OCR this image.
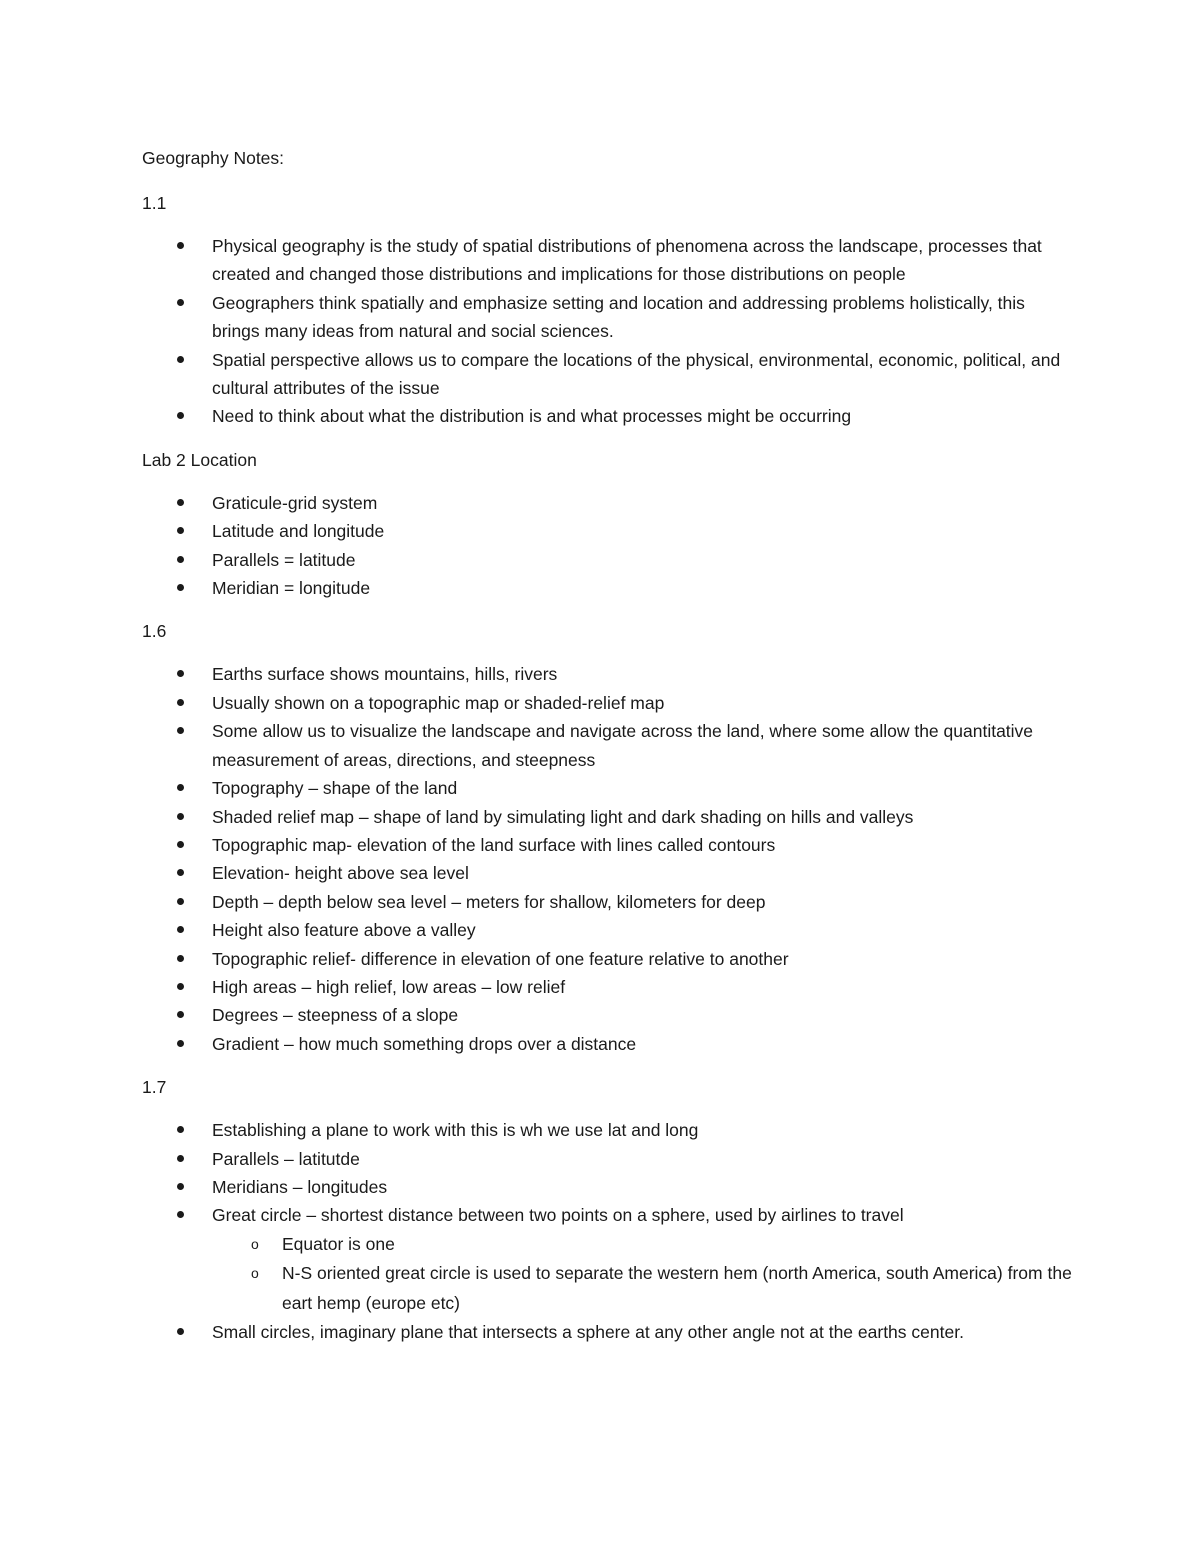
Geography Notes:

1.1

Physical geography is the study of spatial distributions of phenomena across the landscape, processes that created and changed those distributions and implications for those distributions on people
Geographers think spatially and emphasize setting and location and addressing problems holistically, this brings many ideas from natural and social sciences.
Spatial perspective allows us to compare the locations of the physical, environmental, economic, political, and cultural attributes of the issue
Need to think about what the distribution is and what processes might be occurring

Lab 2 Location

Graticule-grid system
Latitude and longitude
Parallels = latitude
Meridian = longitude

1.6

Earths surface shows mountains, hills, rivers
Usually shown on a topographic map or shaded-relief map
Some allow us to visualize the landscape and navigate across the land, where some allow the quantitative measurement of areas, directions, and steepness
Topography – shape of the land
Shaded relief map – shape of land by simulating light and dark shading on hills and valleys
Topographic map- elevation of the land surface with lines called contours
Elevation- height above sea level
Depth – depth below sea level – meters for shallow, kilometers for deep
Height also feature above a valley
Topographic relief- difference in elevation of one feature relative to another
High areas – high relief, low areas – low relief
Degrees – steepness of a slope
Gradient – how much something drops over a distance

1.7

Establishing a plane to work with this is wh we use lat and long
Parallels – latitutde
Meridians – longitudes
Great circle – shortest distance between two points on a sphere, used by airlines to travel
o Equator is one
o N-S oriented great circle is used to separate the western hem (north America, south America) from the eart hemp (europe etc)
Small circles, imaginary plane that intersects a sphere at any other angle not at the earths center.
